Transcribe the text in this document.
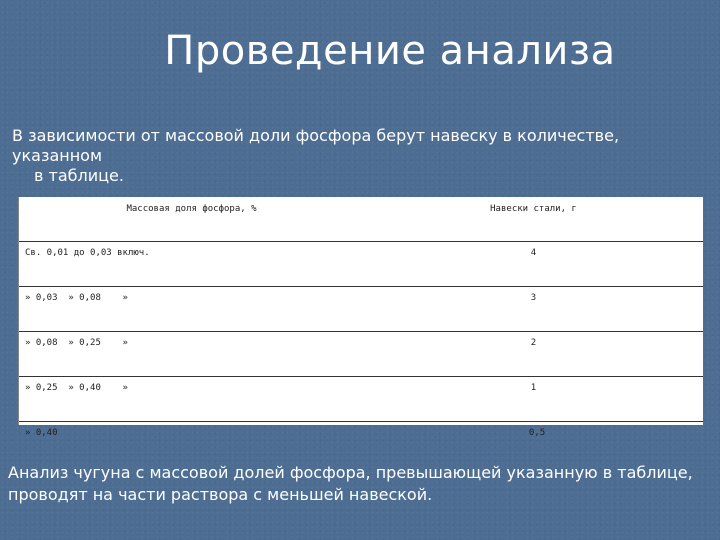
Проведение анализа
В зависимости от массовой доли фосфора берут навеску в количестве, указанном
в таблице.
Массовая доля фосфора, %	Навески стали, г
Св. 0,01 до 0,03 включ.	4
» 0,03  » 0,08    »	3
» 0,08  » 0,25    »	2
» 0,25  » 0,40    »	1
» 0,40	0,5
Анализ чугуна с массовой долей фосфора, превышающей указанную в таблице, проводят на части раствора с меньшей навеской.
